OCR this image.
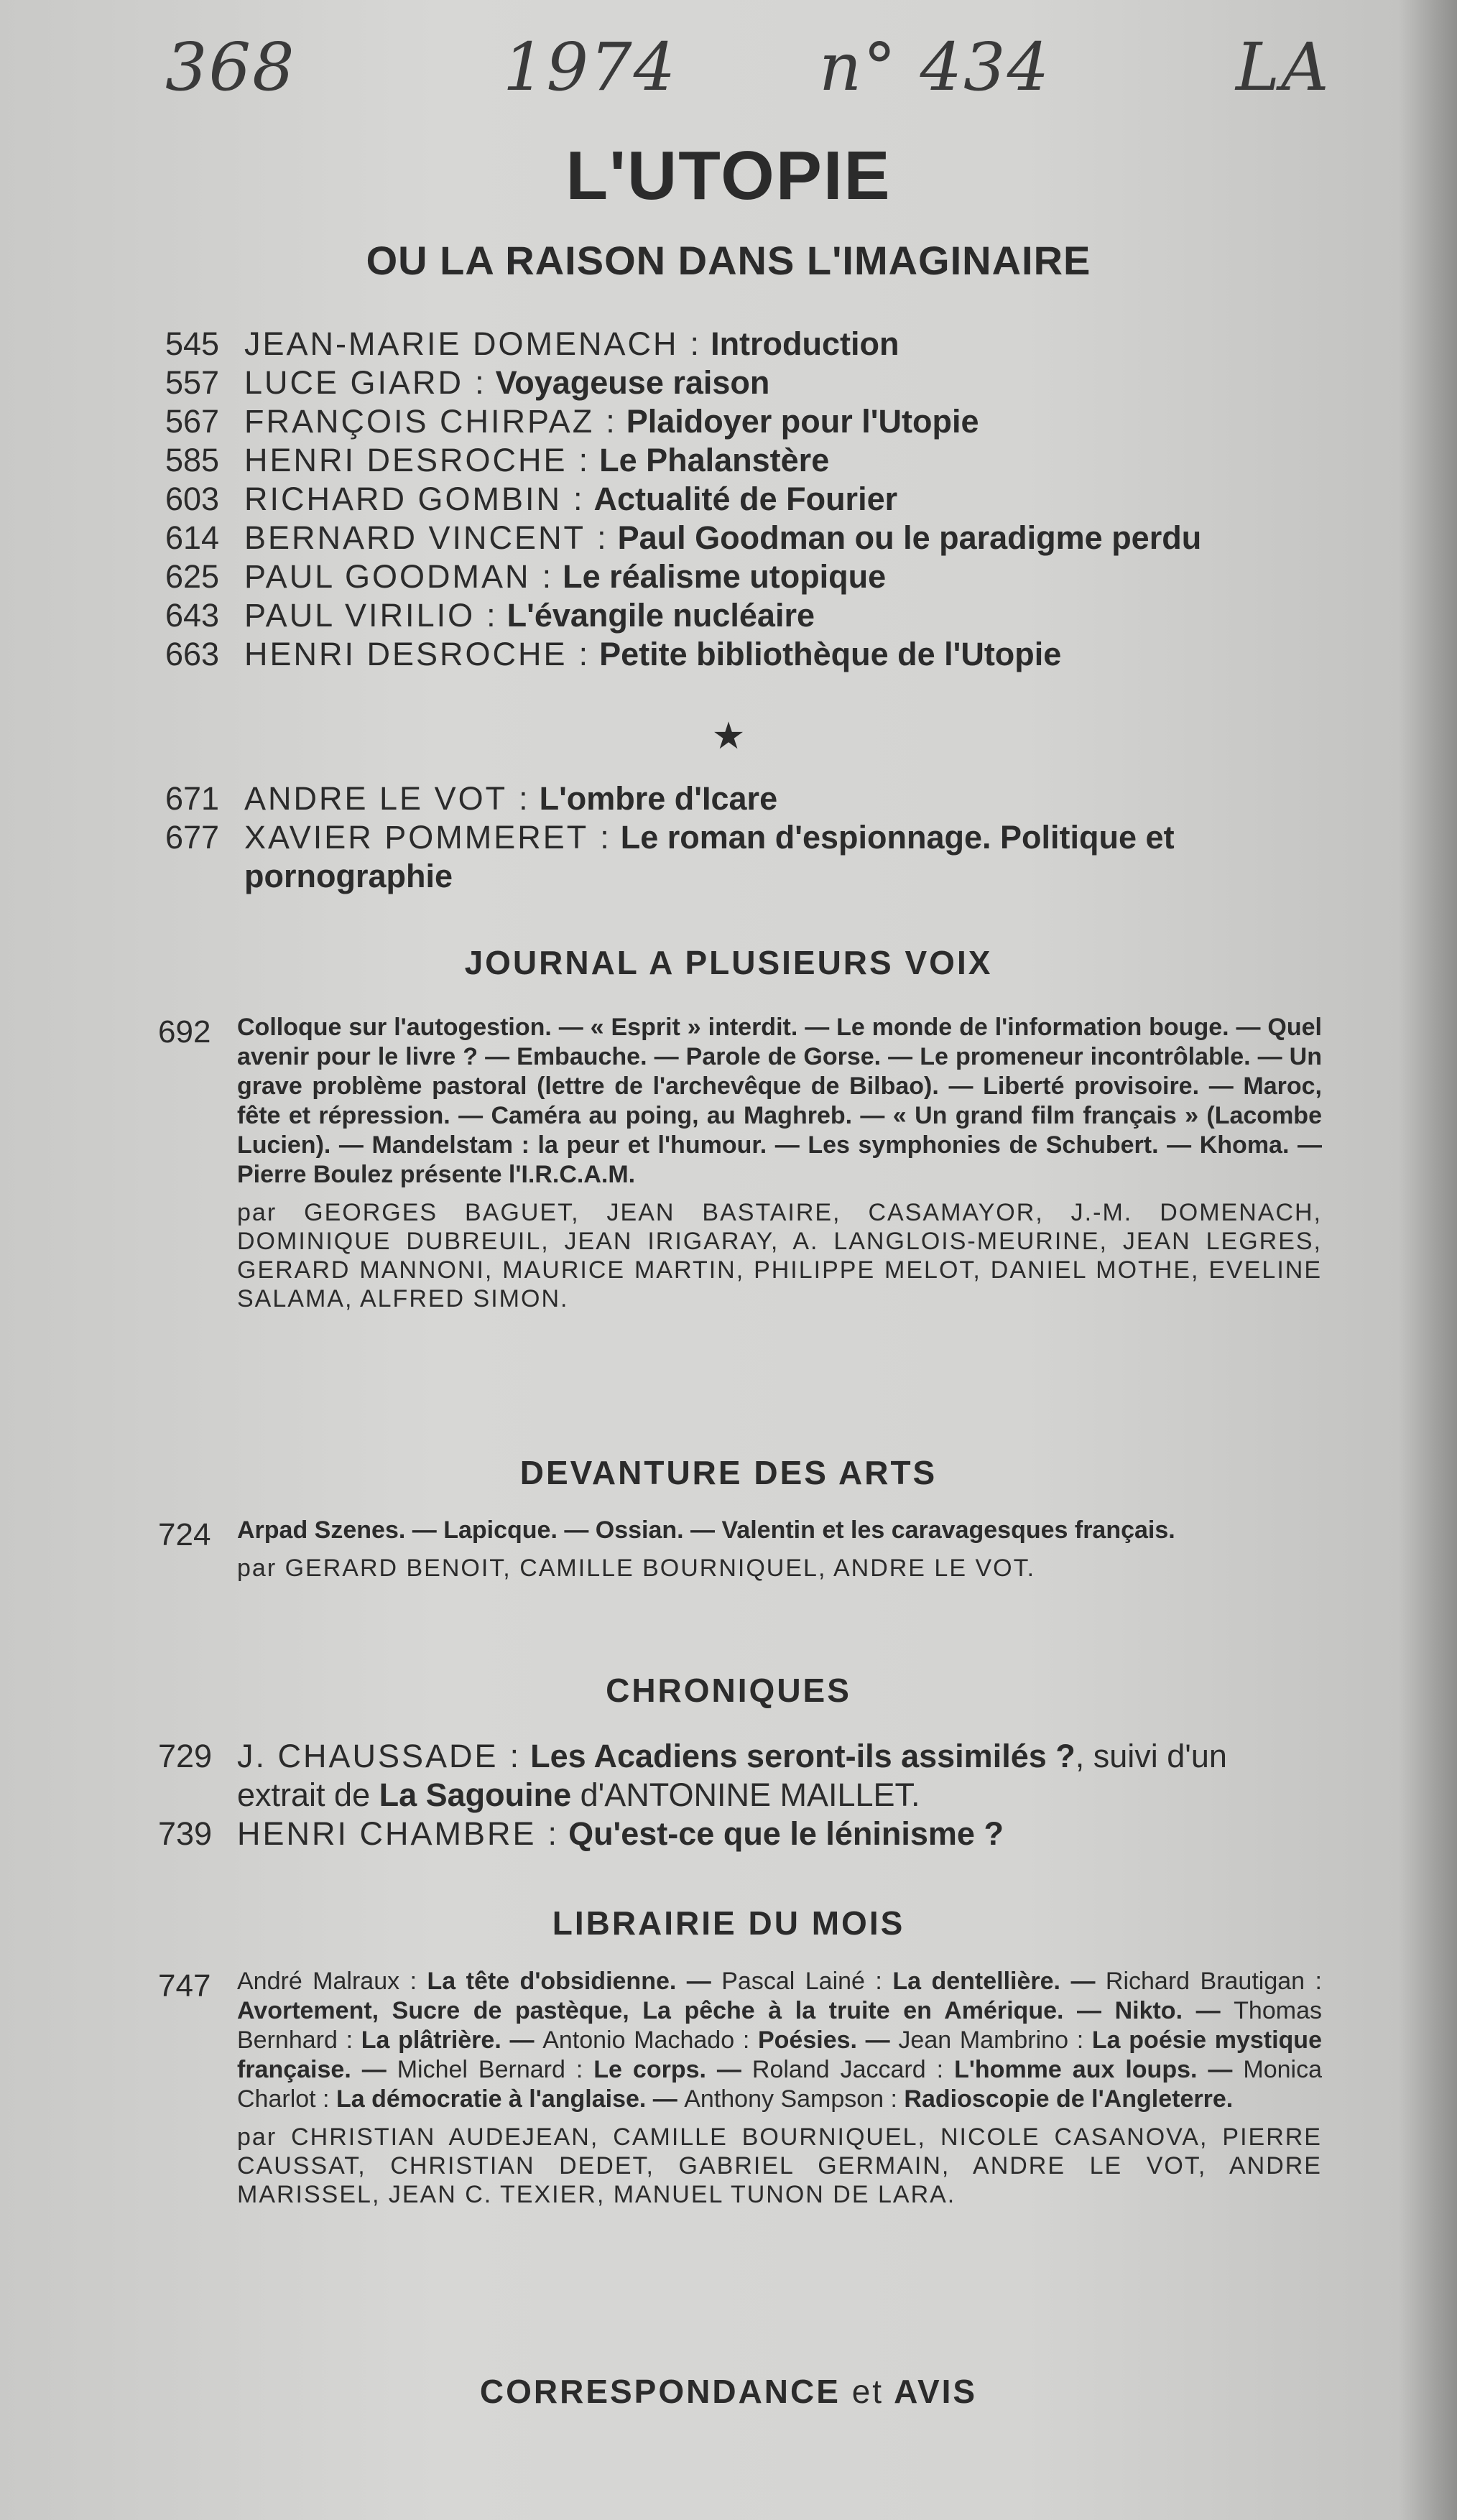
368	1974 n° 434	LA
L'UTOPIE
OU LA RAISON DANS L'IMAGINAIRE
545 JEAN-MARIE DOMENACH : Introduction
557 LUCE GIARD : Voyageuse raison
567 FRANÇOIS CHIRPAZ : Plaidoyer pour l'Utopie
585 HENRI DESROCHE : Le Phalanstère
603 RICHARD GOMBIN : Actualité de Fourier
614 BERNARD VINCENT : Paul Goodman ou le paradigme perdu
625 PAUL GOODMAN : Le réalisme utopique
643 PAUL VIRILIO : L'évangile nucléaire
663 HENRI DESROCHE : Petite bibliothèque de l'Utopie
★
671 ANDRE LE VOT : L'ombre d'Icare
677 XAVIER POMMERET : Le roman d'espionnage. Politique et pornographie
JOURNAL A PLUSIEURS VOIX
692	Colloque sur l'autogestion. — « Esprit » interdit. — Le monde de l'information bouge. — Quel avenir pour le livre ? — Embauche. — Parole de Gorse. — Le promeneur incontrôlable. — Un grave problème pastoral (lettre de l'archevêque de Bilbao). — Liberté provisoire. — Maroc, fête et répression. — Caméra au poing, au Maghreb. — « Un grand film français » (Lacombe Lucien). — Mandelstam : la peur et l'humour. — Les symphonies de Schubert. — Khoma. — Pierre Boulez présente l'I.R.C.A.M.

par GEORGES BAGUET, JEAN BASTAIRE, CASAMAYOR, J.-M. DOMENACH, DOMINIQUE DUBREUIL, JEAN IRIGARAY, A. LANGLOIS-MEURINE, JEAN LEGRES, GERARD MANNONI, MAURICE MARTIN, PHILIPPE MELOT, DANIEL MOTHE, EVELINE SALAMA, ALFRED SIMON.

DEVANTURE DES ARTS
724	Arpad Szenes. — Lapicque. — Ossian. — Valentin et les caravagesques français.

par GERARD BENOIT, CAMILLE BOURNIQUEL, ANDRE LE VOT.

CHRONIQUES
729 J. CHAUSSADE : Les Acadiens seront-ils assimilés ?, suivi d'un extrait de La Sagouine d'ANTONINE MAILLET.
739 HENRI CHAMBRE : Qu'est-ce que le léninisme ?
LIBRAIRIE DU MOIS
747	André Malraux : La tête d'obsidienne. — Pascal Lainé : La dentellière. — Richard Brautigan : Avortement, Sucre de pastèque, La pêche à la truite en Amérique. — Nikto. — Thomas Bernhard : La plâtrière. — Antonio Machado : Poésies. — Jean Mambrino : La poésie mystique française. — Michel Bernard : Le corps. — Roland Jaccard : L'homme aux loups. — Monica Charlot : La démocratie à l'anglaise. — Anthony Sampson : Radioscopie de l'Angleterre.

par CHRISTIAN AUDEJEAN, CAMILLE BOURNIQUEL, NICOLE CASANOVA, PIERRE CAUSSAT, CHRISTIAN DEDET, GABRIEL GERMAIN, ANDRE LE VOT, ANDRE MARISSEL, JEAN C. TEXIER, MANUEL TUNON DE LARA.

CORRESPONDANCE et AVIS
